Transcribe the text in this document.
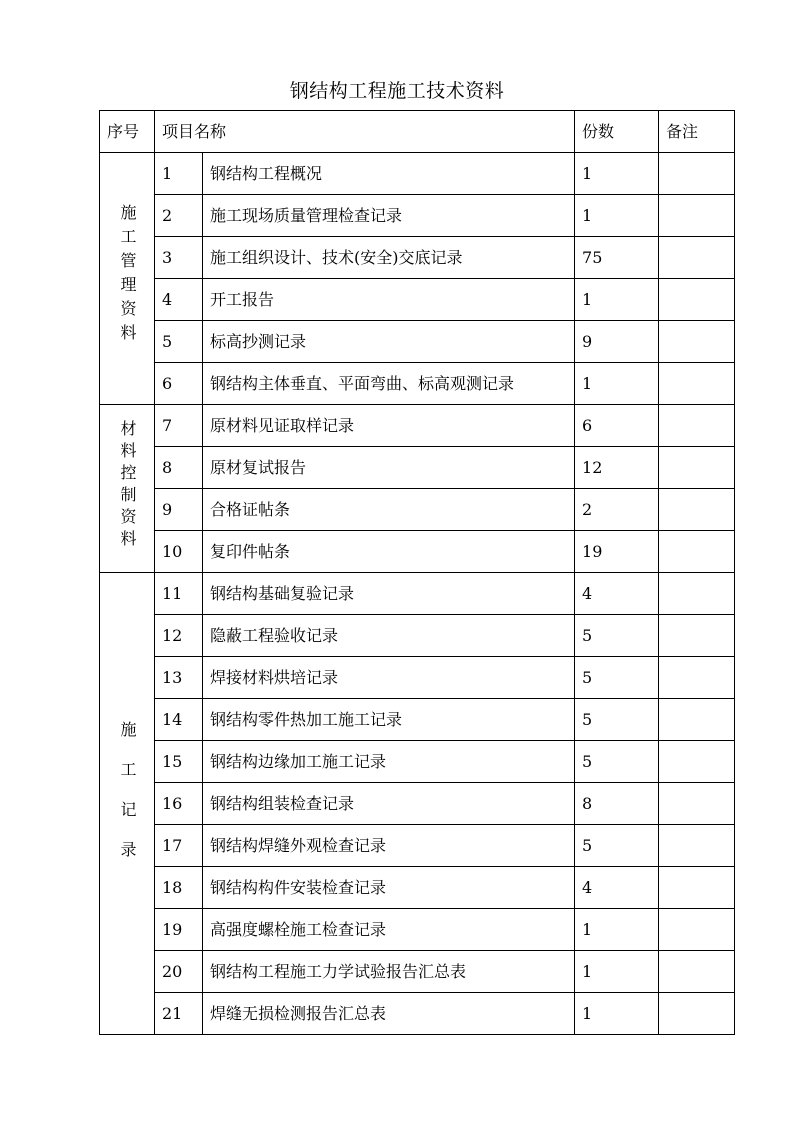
钢结构工程施工技术资料
序号	项目名称		份数	备注
施工管理资料	1	钢结构工程概况	1	
	2	施工现场质量管理检查记录	1	
	3	施工组织设计、技术(安全)交底记录	75	
	4	开工报告	1	
	5	标高抄测记录	9	
	6	钢结构主体垂直、平面弯曲、标高观测记录	1	
材料控制资料	7	原材料见证取样记录	6	
	8	原材复试报告	12	
	9	合格证帖条	2	
	10	复印件帖条	19	
施工记录	11	钢结构基础复验记录	4	
	12	隐蔽工程验收记录	5	
	13	焊接材料烘培记录	5	
	14	钢结构零件热加工施工记录	5	
	15	钢结构边缘加工施工记录	5	
	16	钢结构组装检查记录	8	
	17	钢结构焊缝外观检查记录	5	
	18	钢结构构件安装检查记录	4	
	19	高强度螺栓施工检查记录	1	
	20	钢结构工程施工力学试验报告汇总表	1	
	21	焊缝无损检测报告汇总表	1	
